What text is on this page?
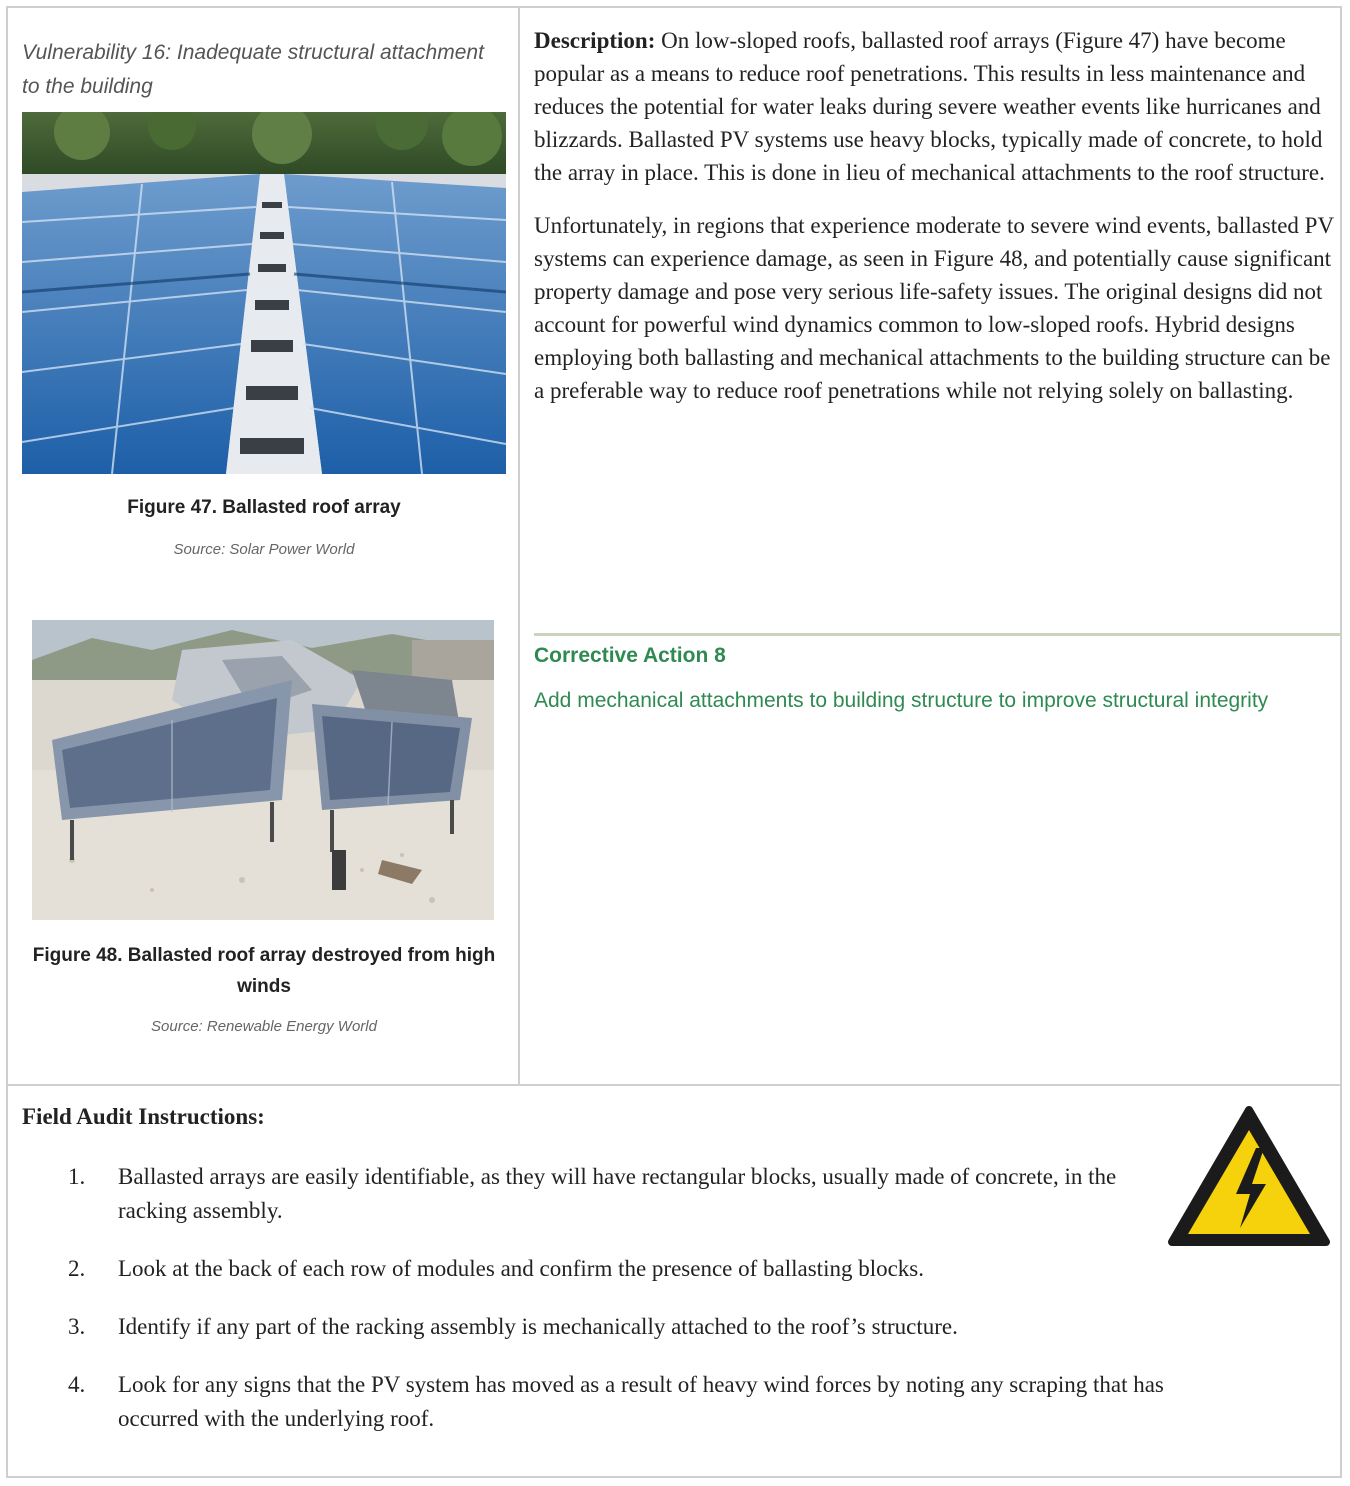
Vulnerability 16: Inadequate structural attachment to the building
Figure 47. Ballasted roof array
Source: Solar Power World
Figure 48. Ballasted roof array destroyed from high winds
Source: Renewable Energy World

Description: On low-sloped roofs, ballasted roof arrays (Figure 47) have become popular as a means to reduce roof penetrations. This results in less maintenance and reduces the potential for water leaks during severe weather events like hurricanes and blizzards. Ballasted PV systems use heavy blocks, typically made of concrete, to hold the array in place. This is done in lieu of mechanical attachments to the roof structure.

Unfortunately, in regions that experience moderate to severe wind events, ballasted PV systems can experience damage, as seen in Figure 48, and potentially cause significant property damage and pose very serious life-safety issues. The original designs did not account for powerful wind dynamics common to low-sloped roofs. Hybrid designs employing both ballasting and mechanical attachments to the building structure can be a preferable way to reduce roof penetrations while not relying solely on ballasting.

Corrective Action 8
Add mechanical attachments to building structure to improve structural integrity
Field Audit Instructions:
1. Ballasted arrays are easily identifiable, as they will have rectangular blocks, usually made of concrete, in the racking assembly.
2. Look at the back of each row of modules and confirm the presence of ballasting blocks.
3. Identify if any part of the racking assembly is mechanically attached to the roof’s structure.
4. Look for any signs that the PV system has moved as a result of heavy wind forces by noting any scraping that has occurred with the underlying roof.
